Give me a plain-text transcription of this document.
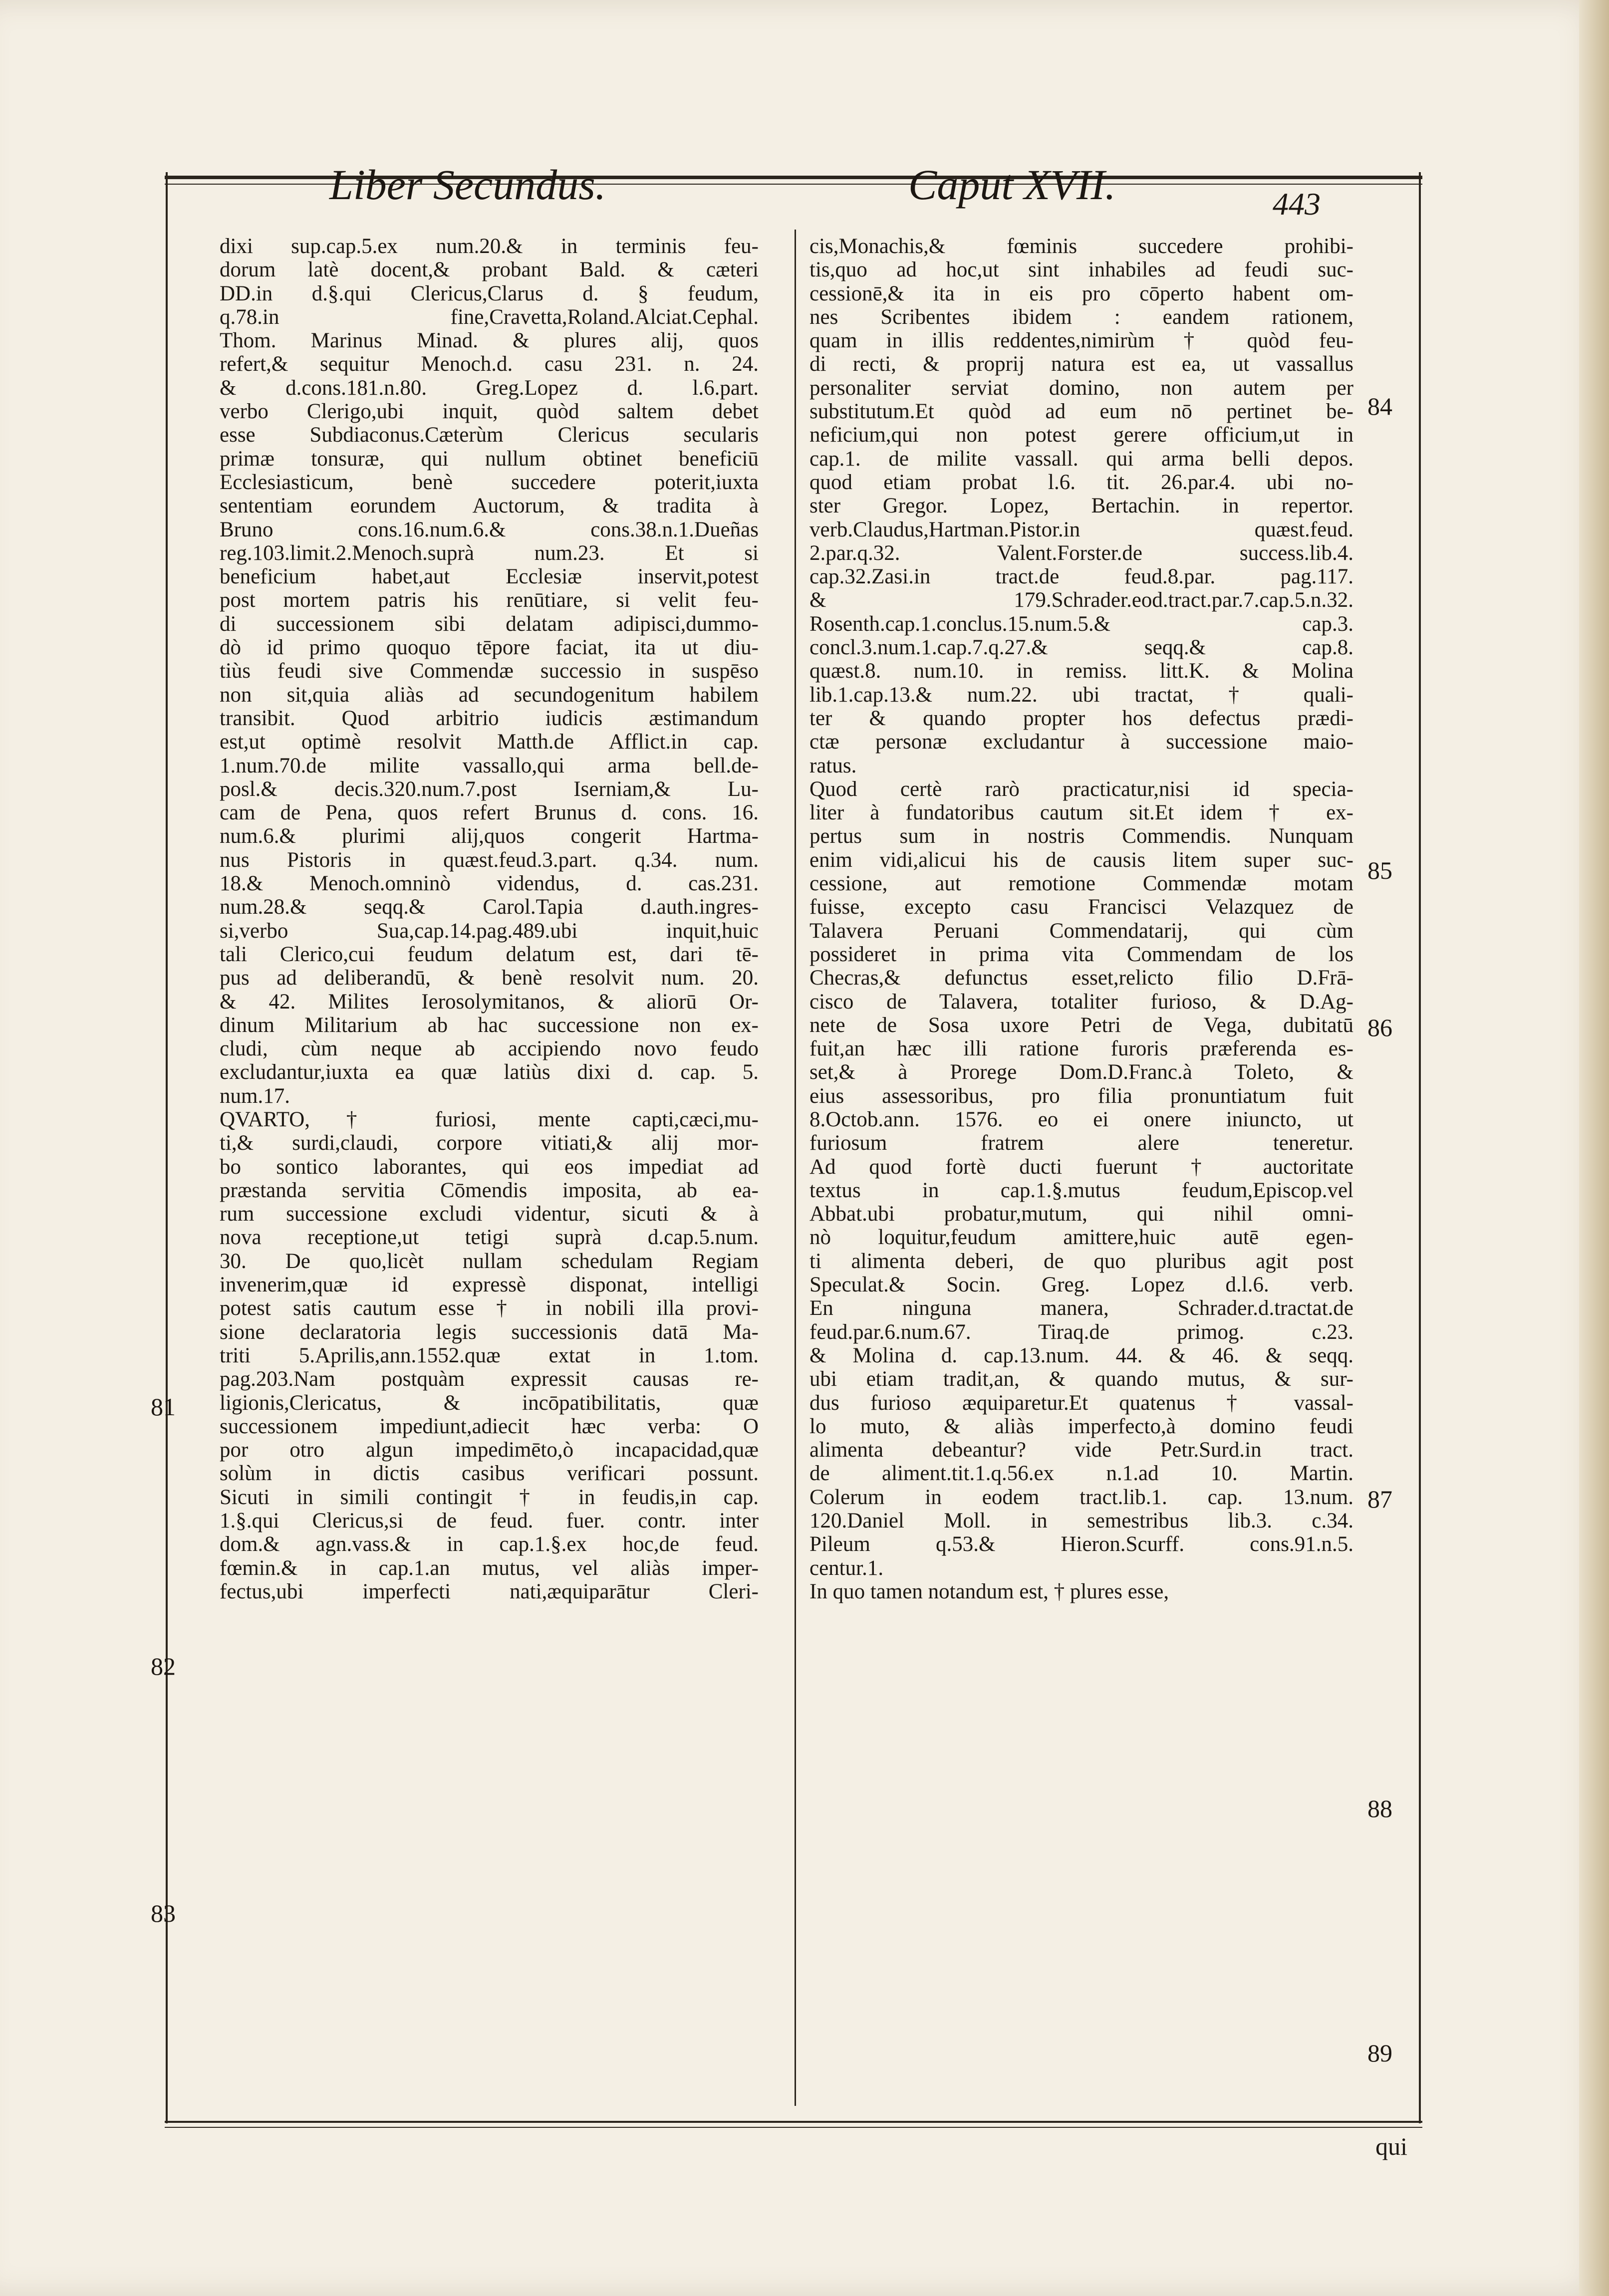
Liber Secundus.	Caput XVII.	443
dixi sup.cap.5.ex num.20.& in terminis feu-
dorum latè docent,& probant Bald. & cæteri
DD.in d.§.qui Clericus,Clarus d. § feudum,
q.78.in fine,Cravetta,Roland.Alciat.Cephal.
Thom. Marinus Minad. & plures alij, quos
refert,& sequitur Menoch.d. casu 231. n. 24.
& d.cons.181.n.80. Greg.Lopez d. l.6.part.
verbo Clerigo,ubi inquit, quòd saltem debet
esse Subdiaconus.Cæterùm Clericus secularis
primæ tonsuræ, qui nullum obtinet beneficiū
Ecclesiasticum, benè succedere poterit,iuxta
sententiam eorundem Auctorum, & tradita à
Bruno cons.16.num.6.& cons.38.n.1.Dueñas
reg.103.limit.2.Menoch.suprà num.23. Et si
beneficium habet,aut Ecclesiæ inservit,potest
post mortem patris his renūtiare, si velit feu-
di successionem sibi delatam adipisci,dummo-
dò id primo quoquo tēpore faciat, ita ut diu-
tiùs feudi sive Commendæ successio in suspēso
non sit,quia aliàs ad secundogenitum habilem
transibit. Quod arbitrio iudicis æstimandum
est,ut optimè resolvit Matth.de Afflict.in cap.
1.num.70.de milite vassallo,qui arma bell.de-
posl.& decis.320.num.7.post Iserniam,& Lu-
cam de Pena, quos refert Brunus d. cons. 16.
num.6.& plurimi alij,quos congerit Hartma-
nus Pistoris in quæst.feud.3.part. q.34. num.
18.& Menoch.omninò videndus, d. cas.231.
num.28.& seqq.& Carol.Tapia d.auth.ingres-
si,verbo Sua,cap.14.pag.489.ubi inquit,huic
tali Clerico,cui feudum delatum est, dari tē-
pus ad deliberandū, & benè resolvit num. 20.
& 42. Milites Ierosolymitanos, & aliorū Or-
dinum Militarium ab hac successione non ex-
cludi, cùm neque ab accipiendo novo feudo
excludantur,iuxta ea quæ latiùs dixi d. cap. 5.
num.17.
QVARTO,† furiosi, mente capti,cæci,mu-
ti,& surdi,claudi, corpore vitiati,& alij mor-
bo sontico laborantes, qui eos impediat ad
præstanda servitia Cōmendis imposita, ab ea-
rum successione excludi videntur, sicuti & à
nova receptione,ut tetigi suprà d.cap.5.num.
30. De quo,licèt nullam schedulam Regiam
invenerim,quæ id expressè disponat, intelligi
potest satis cautum esse † in nobili illa provi-
sione declaratoria legis successionis datā Ma-
triti 5.Aprilis,ann.1552.quæ extat in 1.tom.
pag.203.Nam postquàm expressit causas re-
ligionis,Clericatus, & incōpatibilitatis, quæ
successionem impediunt,adiecit hæc verba: O
por otro algun impedimēto,ò incapacidad,quæ
solùm in dictis casibus verificari possunt.
Sicuti in simili contingit † in feudis,in cap.
1.§.qui Clericus,si de feud. fuer. contr. inter
dom.& agn.vass.& in cap.1.§.ex hoc,de feud.
fœmin.& in cap.1.an mutus, vel aliàs imper-
fectus,ubi imperfecti nati,æquiparātur Cleri-
cis,Monachis,& fœminis succedere prohibi-
tis,quo ad hoc,ut sint inhabiles ad feudi suc-
cessionē,& ita in eis pro cōperto habent om-
nes Scribentes ibidem : eandem rationem,
quam in illis reddentes,nimirùm † quòd feu-
di recti, & proprij natura est ea, ut vassallus
personaliter serviat domino, non autem per
substitutum.Et quòd ad eum nō pertinet be-
neficium,qui non potest gerere officium,ut in
cap.1. de milite vassall. qui arma belli depos.
quod etiam probat l.6. tit. 26.par.4. ubi no-
ster Gregor. Lopez, Bertachin. in repertor.
verb.Claudus,Hartman.Pistor.in quæst.feud.
2.par.q.32. Valent.Forster.de success.lib.4.
cap.32.Zasi.in tract.de feud.8.par. pag.117.
& 179.Schrader.eod.tract.par.7.cap.5.n.32.
Rosenth.cap.1.conclus.15.num.5.& cap.3.
concl.3.num.1.cap.7.q.27.& seqq.& cap.8.
quæst.8. num.10. in remiss. litt.K. & Molina
lib.1.cap.13.& num.22. ubi tractat, † quali-
ter & quando propter hos defectus prædi-
ctæ personæ excludantur à successione maio-
ratus.
Quod certè rarò practicatur,nisi id specia-
liter à fundatoribus cautum sit.Et idem † ex-
pertus sum in nostris Commendis. Nunquam
enim vidi,alicui his de causis litem super suc-
cessione, aut remotione Commendæ motam
fuisse, excepto casu Francisci Velazquez de
Talavera Peruani Commendatarij, qui cùm
possideret in prima vita Commendam de los
Checras,& defunctus esset,relicto filio D.Frā-
cisco de Talavera, totaliter furioso, & D.Ag-
nete de Sosa uxore Petri de Vega, dubitatū
fuit,an hæc illi ratione furoris præferenda es-
set,& à Prorege Dom.D.Franc.à Toleto, &
eius assessoribus, pro filia pronuntiatum fuit
8.Octob.ann. 1576. eo ei onere iniuncto, ut
furiosum fratrem alere teneretur.
Ad quod fortè ducti fuerunt † auctoritate
textus in cap.1.§.mutus feudum,Episcop.vel
Abbat.ubi probatur,mutum, qui nihil omni-
nò loquitur,feudum amittere,huic autē egen-
ti alimenta deberi, de quo pluribus agit post
Speculat.& Socin. Greg. Lopez d.l.6. verb.
En ninguna manera, Schrader.d.tractat.de
feud.par.6.num.67. Tiraq.de primog. c.23.
& Molina d. cap.13.num. 44. & 46. & seqq.
ubi etiam tradit,an, & quando mutus, & sur-
dus furioso æquiparetur.Et quatenus † vassal-
lo muto, & aliàs imperfecto,à domino feudi
alimenta debeantur? vide Petr.Surd.in tract.
de aliment.tit.1.q.56.ex n.1.ad 10. Martin.
Colerum in eodem tract.lib.1. cap. 13.num.
120.Daniel Moll. in semestribus lib.3. c.34.
Pileum q.53.& Hieron.Scurff. cons.91.n.5.
centur.1.
In quo tamen notandum est, † plures esse,
81
82
83
84
85
86
87
88
89
qui
